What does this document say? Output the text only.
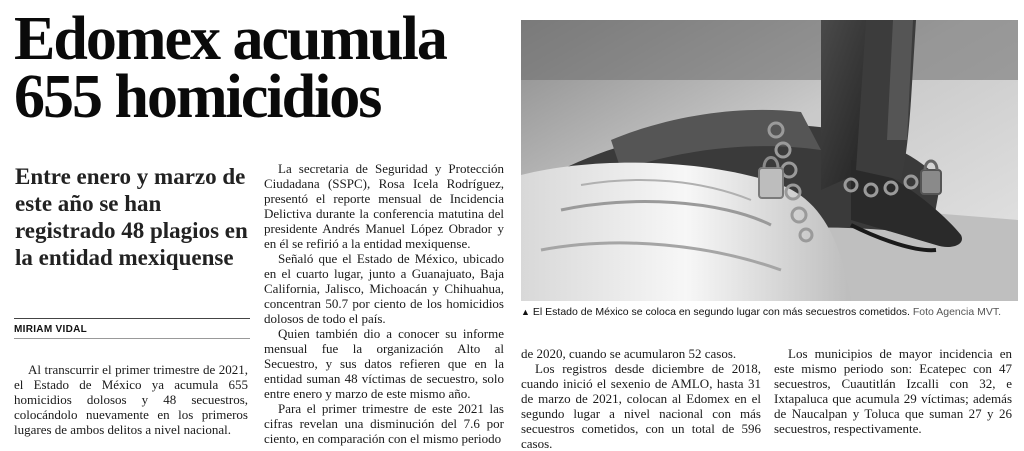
Edomex acumula 655 homicidios
Entre enero y marzo de este año se han registrado 48 plagios en la entidad mexiquense

MIRIAM VIDAL

Al transcurrir el primer trimestre de 2021, el Estado de México ya acumula 655 homicidios dolosos y 48 secuestros, colocándolo nuevamente en los primeros lugares de ambos delitos a nivel nacional.

La secretaria de Seguridad y Protección Ciudadana (SSPC), Rosa Icela Rodríguez, presentó el reporte mensual de Incidencia Delictiva durante la conferencia matutina del presidente Andrés Manuel López Obrador y en él se refirió a la entidad mexiquense.

Señaló que el Estado de México, ubicado en el cuarto lugar, junto a Guanajuato, Baja California, Jalisco, Michoacán y Chihuahua, concentran 50.7 por ciento de los homicidios dolosos de todo el país.

Quien también dio a conocer su informe mensual fue la organización Alto al Secuestro, y sus datos refieren que en la entidad suman 48 víctimas de secuestro, solo entre enero y marzo de este mismo año.

Para el primer trimestre de este 2021 las cifras revelan una disminución del 7.6 por ciento, en comparación con el mismo periodo

▲ El Estado de México se coloca en segundo lugar con más secuestros cometidos. Foto Agencia MVT.

de 2020, cuando se acumularon 52 casos.

Los registros desde diciembre de 2018, cuando inició el sexenio de AMLO, hasta 31 de marzo de 2021, colocan al Edomex en el segundo lugar a nivel nacional con más secuestros cometidos, con un total de 596 casos.

Los municipios de mayor incidencia en este mismo periodo son: Ecatepec con 47 secuestros, Cuautitlán Izcalli con 32, e Ixtapaluca que acumula 29 víctimas; además de Naucalpan y Toluca que suman 27 y 26 secuestros, respectivamente.
